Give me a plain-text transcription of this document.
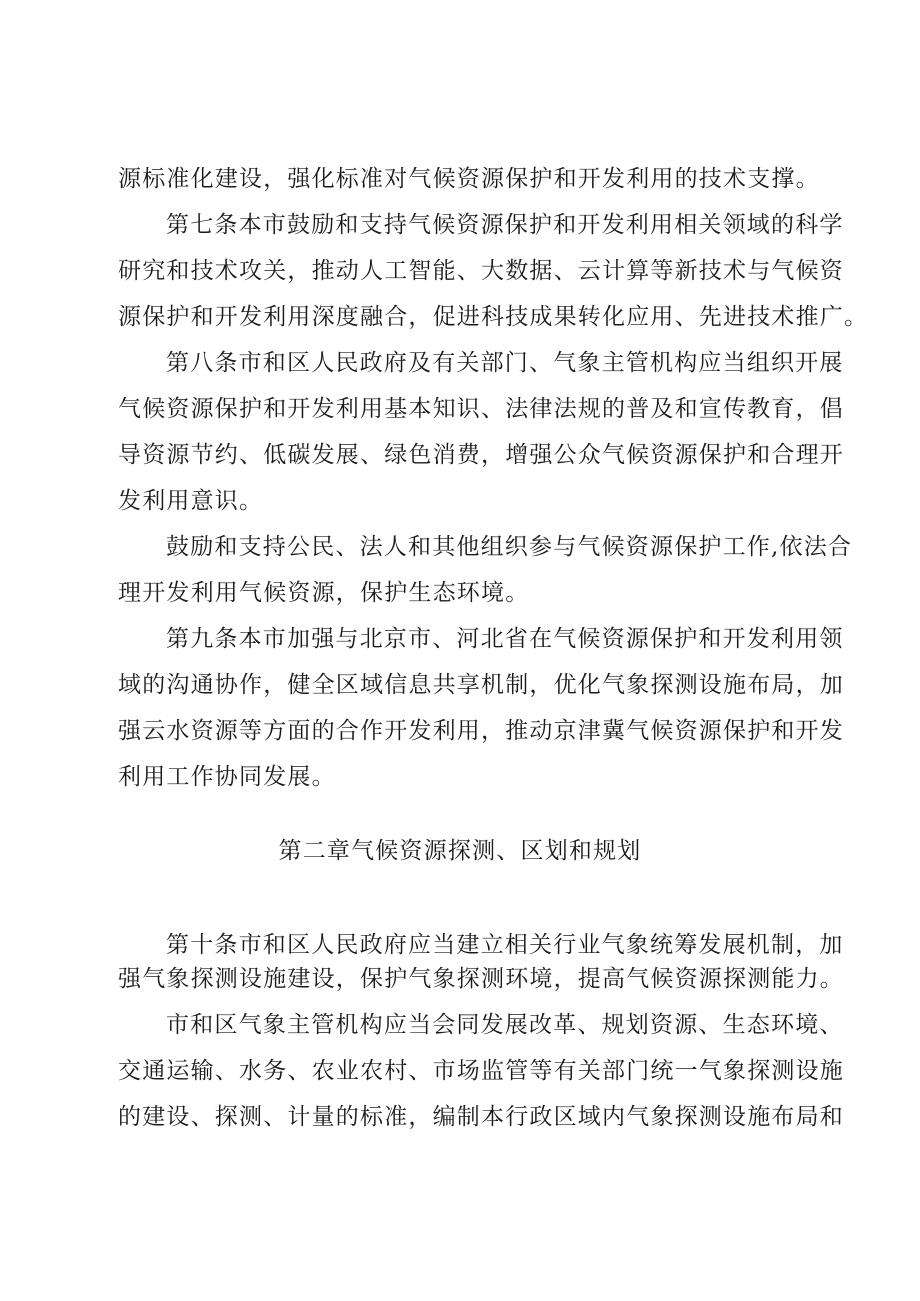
源标准化建设，强化标准对气候资源保护和开发利用的技术支撑。
第七条本市鼓励和支持气候资源保护和开发利用相关领域的科学
研究和技术攻关，推动人工智能、大数据、云计算等新技术与气候资
源保护和开发利用深度融合，促进科技成果转化应用、先进技术推广。
第八条市和区人民政府及有关部门、气象主管机构应当组织开展
气候资源保护和开发利用基本知识、法律法规的普及和宣传教育，倡
导资源节约、低碳发展、绿色消费，增强公众气候资源保护和合理开
发利用意识。
鼓励和支持公民、法人和其他组织参与气候资源保护工作,依法合
理开发利用气候资源，保护生态环境。
第九条本市加强与北京市、河北省在气候资源保护和开发利用领
域的沟通协作，健全区域信息共享机制，优化气象探测设施布局，加
强云水资源等方面的合作开发利用，推动京津冀气候资源保护和开发
利用工作协同发展。
第二章气候资源探测、区划和规划
第十条市和区人民政府应当建立相关行业气象统筹发展机制，加
强气象探测设施建设，保护气象探测环境，提高气候资源探测能力。
市和区气象主管机构应当会同发展改革、规划资源、生态环境、
交通运输、水务、农业农村、市场监管等有关部门统一气象探测设施
的建设、探测、计量的标准，编制本行政区域内气象探测设施布局和
